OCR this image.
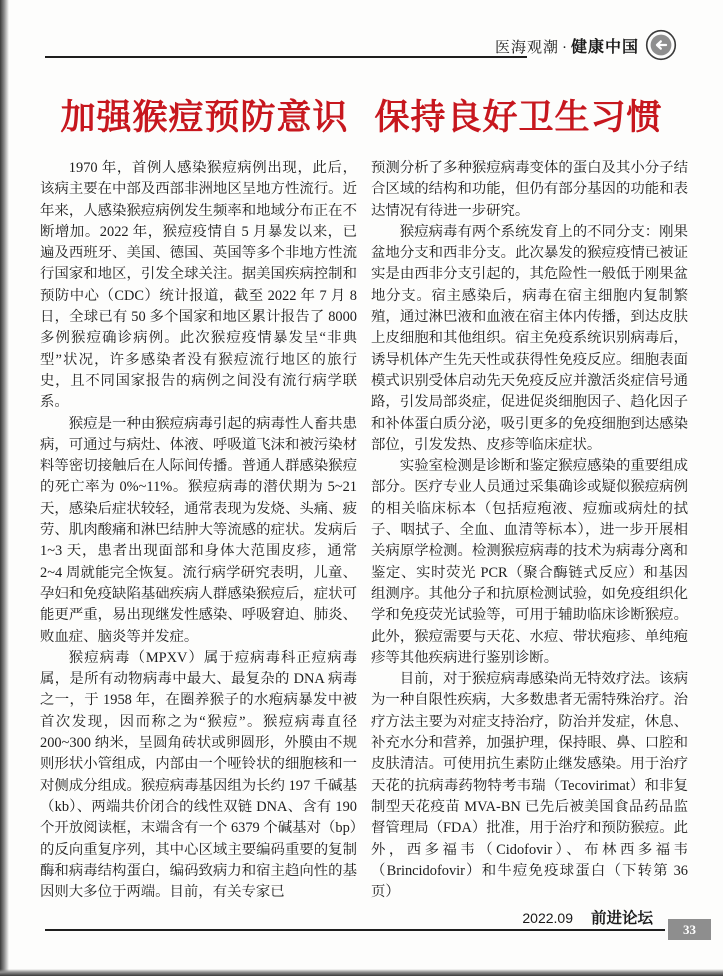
医海观潮 · 健康中国
加强猴痘预防意识 保持良好卫生习惯

1970 年，首例人感染猴痘病例出现，此后，该病主要在中部及西部非洲地区呈地方性流行。近年来，人感染猴痘病例发生频率和地域分布正在不断增加。2022 年，猴痘疫情自 5 月暴发以来，已遍及西班牙、美国、德国、英国等多个非地方性流行国家和地区，引发全球关注。据美国疾病控制和预防中心（CDC）统计报道，截至 2022 年 7 月 8 日，全球已有 50 多个国家和地区累计报告了 8000 多例猴痘确诊病例。此次猴痘疫情暴发呈“非典型”状况，许多感染者没有猴痘流行地区的旅行史，且不同国家报告的病例之间没有流行病学联系。

猴痘是一种由猴痘病毒引起的病毒性人畜共患病，可通过与病灶、体液、呼吸道飞沫和被污染材料等密切接触后在人际间传播。普通人群感染猴痘的死亡率为 0%~11%。猴痘病毒的潜伏期为 5~21 天，感染后症状较轻，通常表现为发烧、头痛、疲劳、肌肉酸痛和淋巴结肿大等流感的症状。发病后 1~3 天，患者出现面部和身体大范围皮疹，通常 2~4 周就能完全恢复。流行病学研究表明，儿童、孕妇和免疫缺陷基础疾病人群感染猴痘后，症状可能更严重，易出现继发性感染、呼吸窘迫、肺炎、败血症、脑炎等并发症。

猴痘病毒（MPXV）属于痘病毒科正痘病毒属，是所有动物病毒中最大、最复杂的 DNA 病毒之一，于 1958 年，在圈养猴子的水疱病暴发中被首次发现，因而称之为“猴痘”。猴痘病毒直径 200~300 纳米，呈圆角砖状或卵圆形，外膜由不规则形状小管组成，内部由一个哑铃状的细胞核和一对侧成分组成。猴痘病毒基因组为长约 197 千碱基（kb）、两端共价闭合的线性双链 DNA、含有 190 个开放阅读框，末端含有一个 6379 个碱基对（bp）的反向重复序列，其中心区域主要编码重要的复制酶和病毒结构蛋白，编码致病力和宿主趋向性的基因则大多位于两端。目前，有关专家已

预测分析了多种猴痘病毒变体的蛋白及其小分子结合区域的结构和功能，但仍有部分基因的功能和表达情况有待进一步研究。

猴痘病毒有两个系统发育上的不同分支：刚果盆地分支和西非分支。此次暴发的猴痘疫情已被证实是由西非分支引起的，其危险性一般低于刚果盆地分支。宿主感染后，病毒在宿主细胞内复制繁殖，通过淋巴液和血液在宿主体内传播，到达皮肤上皮细胞和其他组织。宿主免疫系统识别病毒后，诱导机体产生先天性或获得性免疫反应。细胞表面模式识别受体启动先天免疫反应并激活炎症信号通路，引发局部炎症，促进促炎细胞因子、趋化因子和补体蛋白质分泌，吸引更多的免疫细胞到达感染部位，引发发热、皮疹等临床症状。

实验室检测是诊断和鉴定猴痘感染的重要组成部分。医疗专业人员通过采集确诊或疑似猴痘病例的相关临床标本（包括痘疱液、痘痂或病灶的拭子、咽拭子、全血、血清等标本），进一步开展相关病原学检测。检测猴痘病毒的技术为病毒分离和鉴定、实时荧光 PCR（聚合酶链式反应）和基因组测序。其他分子和抗原检测试验，如免疫组织化学和免疫荧光试验等，可用于辅助临床诊断猴痘。此外，猴痘需要与天花、水痘、带状疱疹、单纯疱疹等其他疾病进行鉴别诊断。

目前，对于猴痘病毒感染尚无特效疗法。该病为一种自限性疾病，大多数患者无需特殊治疗。治疗方法主要为对症支持治疗，防治并发症，休息、补充水分和营养，加强护理，保持眼、鼻、口腔和皮肤清洁。可使用抗生素防止继发感染。用于治疗天花的抗病毒药物特考韦瑞（Tecovirimat）和非复制型天花疫苗 MVA-BN 已先后被美国食品药品监督管理局（FDA）批准，用于治疗和预防猴痘。此外，西多福韦（Cidofovir）、布林西多福韦（Brincidofovir）和牛痘免疫球蛋白（下转第 36 页）

2022.09 前进论坛
33
